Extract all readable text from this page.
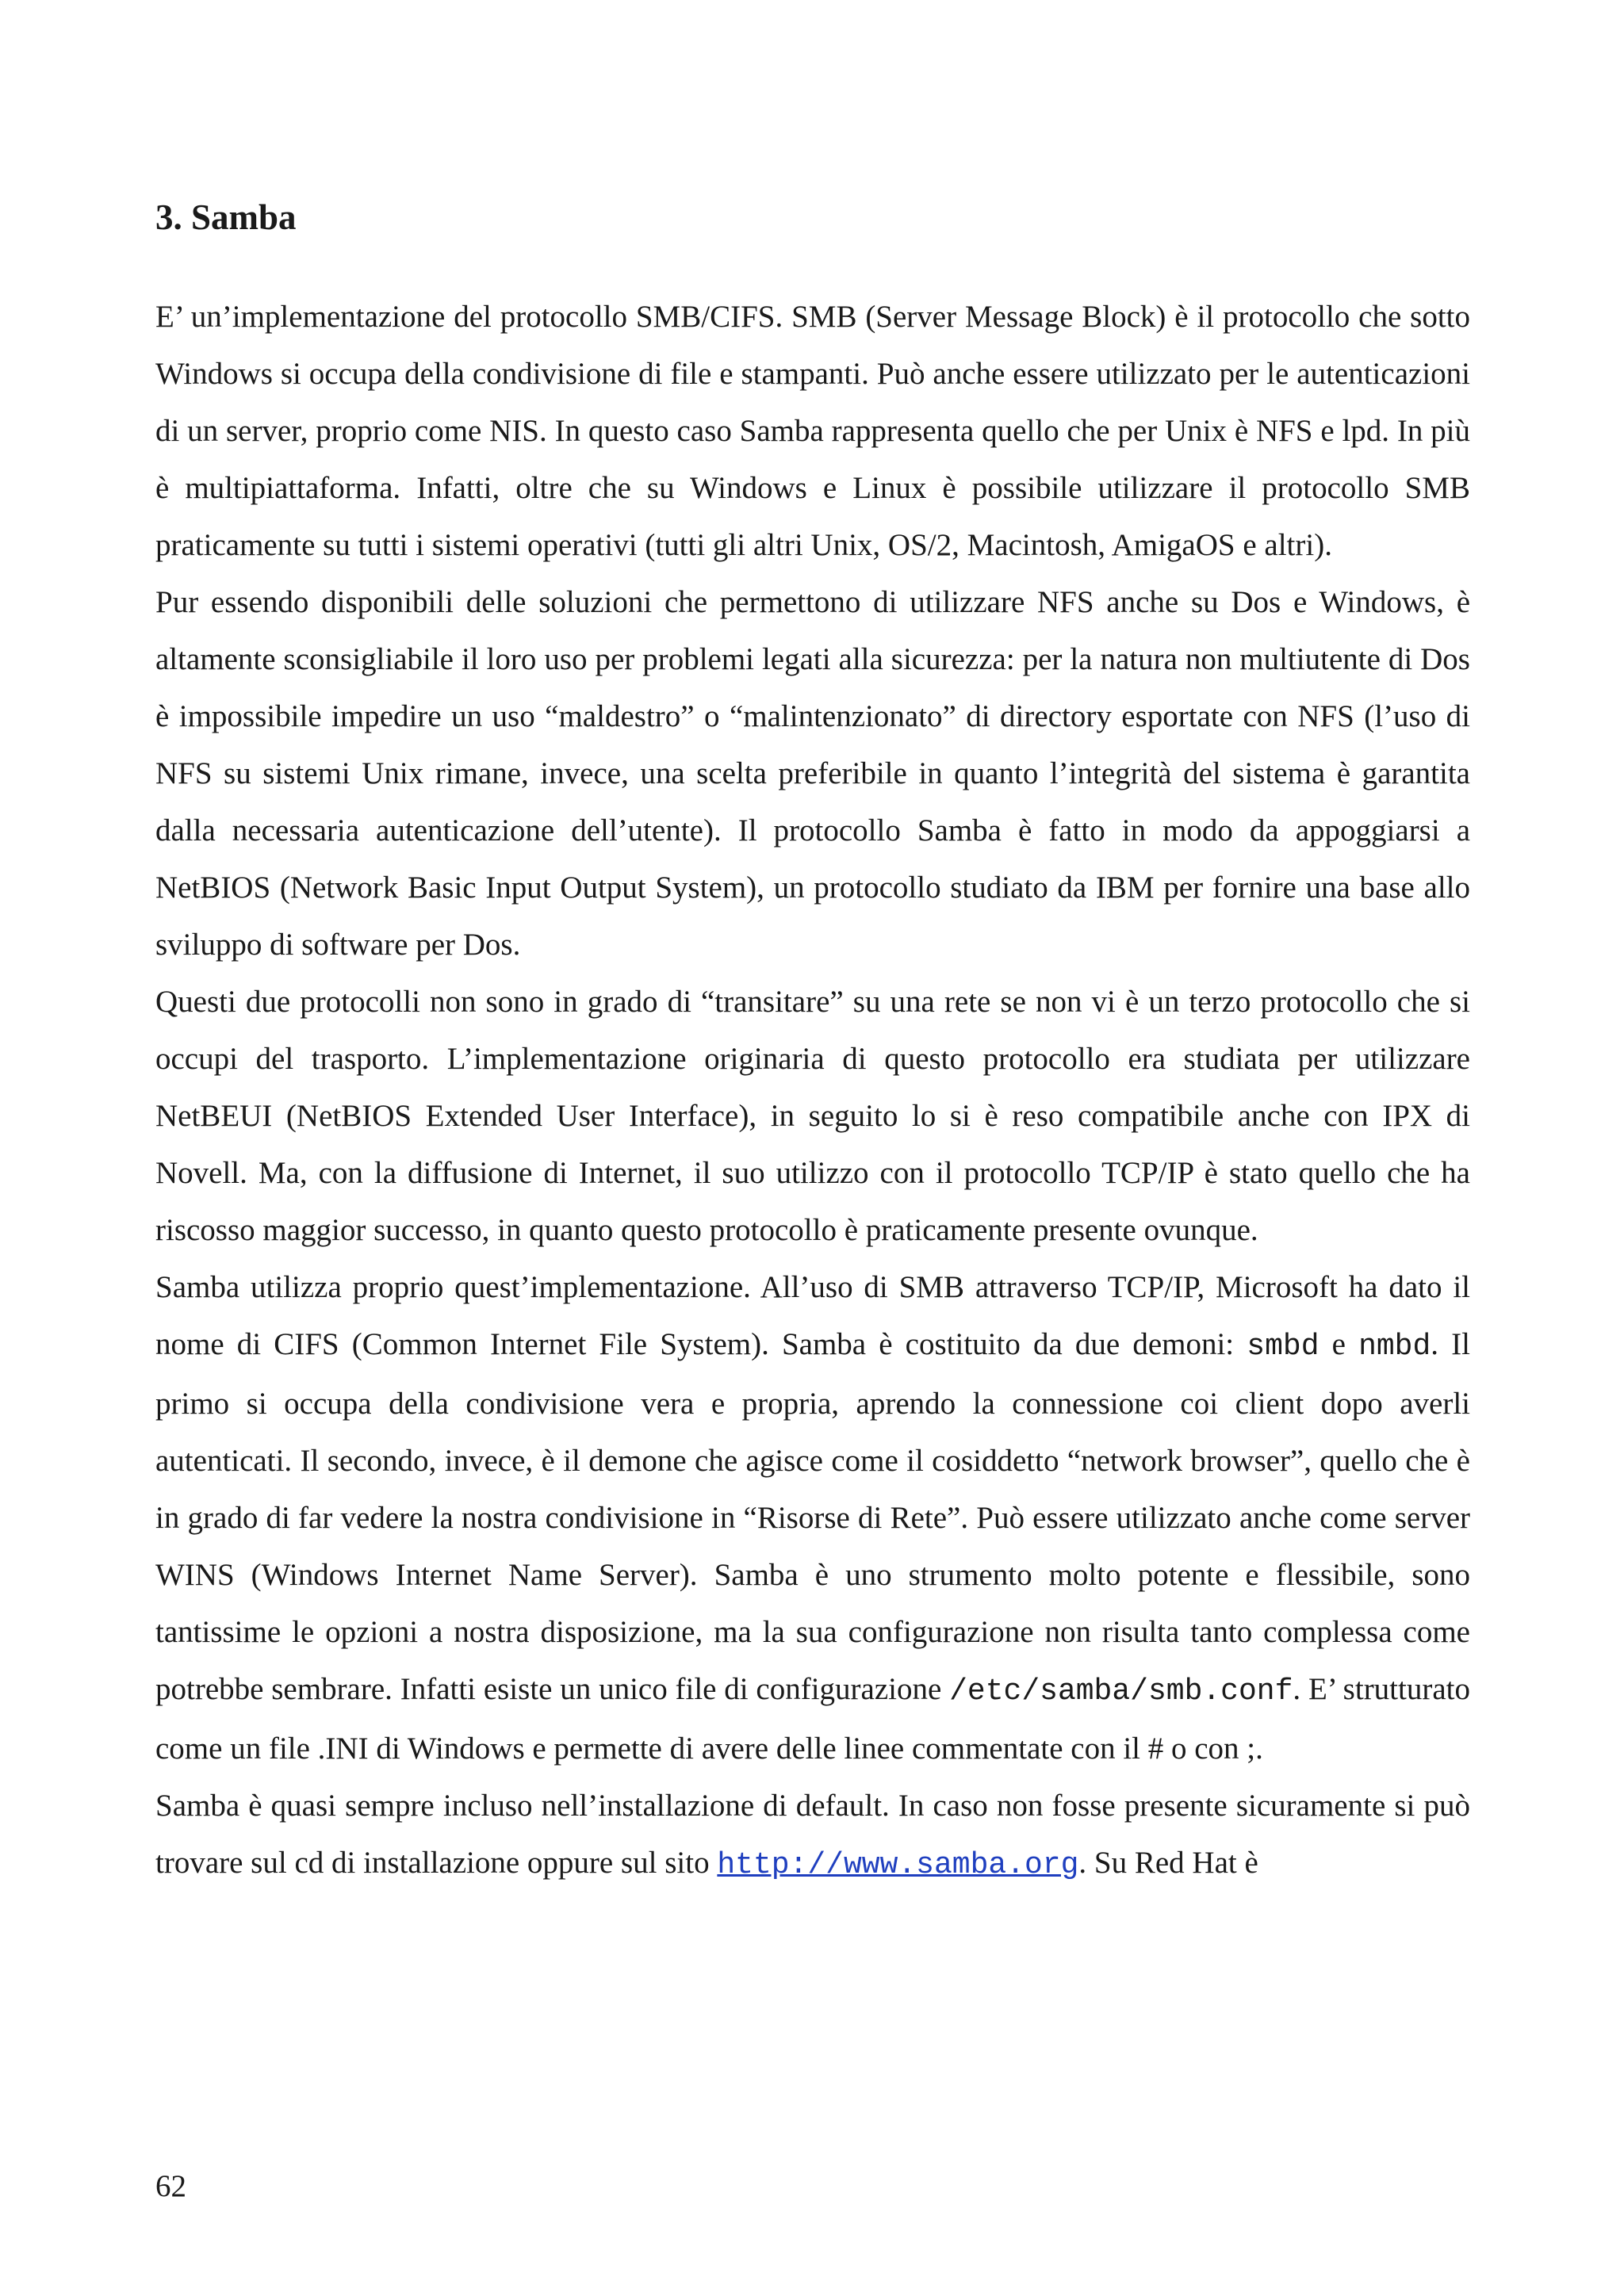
3. Samba

E’ un’implementazione del protocollo SMB/CIFS. SMB (Server Message Block) è il protocollo che sotto Windows si occupa della condivisione di file e stampanti. Può anche essere utilizzato per le autenticazioni di un server, proprio come NIS. In questo caso Samba rappresenta quello che per Unix è NFS e lpd. In più è multipiattaforma. Infatti, oltre che su Windows e Linux è possibile utilizzare il protocollo SMB praticamente su tutti i sistemi operativi (tutti gli altri Unix, OS/2, Macintosh, AmigaOS e altri).

Pur essendo disponibili delle soluzioni che permettono di utilizzare NFS anche su Dos e Windows, è altamente sconsigliabile il loro uso per problemi legati alla sicurezza: per la natura non multiutente di Dos è impossibile impedire un uso “maldestro” o “malintenzionato” di directory esportate con NFS (l’uso di NFS su sistemi Unix rimane, invece, una scelta preferibile in quanto l’integrità del sistema è garantita dalla necessaria autenticazione dell’utente). Il protocollo Samba è fatto in modo da appoggiarsi a NetBIOS (Network Basic Input Output System), un protocollo studiato da IBM per fornire una base allo sviluppo di software per Dos.

Questi due protocolli non sono in grado di “transitare” su una rete se non vi è un terzo protocollo che si occupi del trasporto. L’implementazione originaria di questo protocollo era studiata per utilizzare NetBEUI (NetBIOS Extended User Interface), in seguito lo si è reso compatibile anche con IPX di Novell. Ma, con la diffusione di Internet, il suo utilizzo con il protocollo TCP/IP è stato quello che ha riscosso maggior successo, in quanto questo protocollo è praticamente presente ovunque.

Samba utilizza proprio quest’implementazione. All’uso di SMB attraverso TCP/IP, Microsoft ha dato il nome di CIFS (Common Internet File System). Samba è costituito da due demoni: smbd e nmbd. Il primo si occupa della condivisione vera e propria, aprendo la connessione coi client dopo averli autenticati. Il secondo, invece, è il demone che agisce come il cosiddetto “network browser”, quello che è in grado di far vedere la nostra condivisione in “Risorse di Rete”. Può essere utilizzato anche come server WINS (Windows Internet Name Server). Samba è uno strumento molto potente e flessibile, sono tantissime le opzioni a nostra disposizione, ma la sua configurazione non risulta tanto complessa come potrebbe sembrare. Infatti esiste un unico file di configurazione /etc/samba/smb.conf. E’ strutturato come un file .INI di Windows e permette di avere delle linee commentate con il # o con ;.

Samba è quasi sempre incluso nell’installazione di default. In caso non fosse presente sicuramente si può trovare sul cd di installazione oppure sul sito http://www.samba.org. Su Red Hat è

62
